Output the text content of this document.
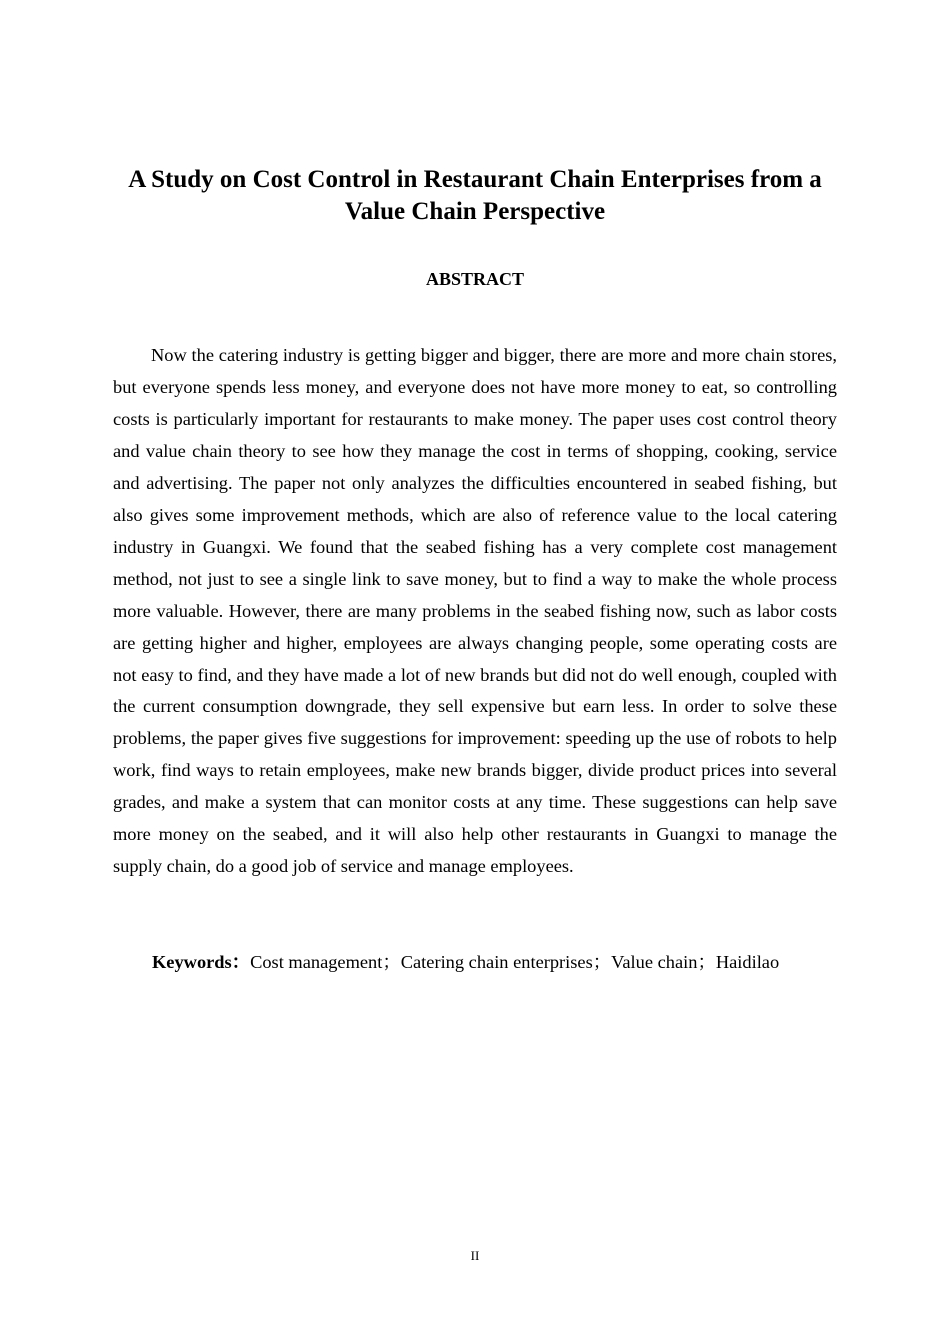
A Study on Cost Control in Restaurant Chain Enterprises from a
Value Chain Perspective
ABSTRACT

Now the catering industry is getting bigger and bigger, there are more and more chain stores, but everyone spends less money, and everyone does not have more money to eat, so controlling costs is particularly important for restaurants to make money. The paper uses cost control theory and value chain theory to see how they manage the cost in terms of shopping, cooking, service and advertising. The paper not only analyzes the difficulties encountered in seabed fishing, but also gives some improvement methods, which are also of reference value to the local catering industry in Guangxi. We found that the seabed fishing has a very complete cost management method, not just to see a single link to save money, but to find a way to make the whole process more valuable. However, there are many problems in the seabed fishing now, such as labor costs are getting higher and higher, employees are always changing people, some operating costs are not easy to find, and they have made a lot of new brands but did not do well enough, coupled with the current consumption downgrade, they sell expensive but earn less. In order to solve these problems, the paper gives five suggestions for improvement: speeding up the use of robots to help work, find ways to retain employees, make new brands bigger, divide product prices into several grades, and make a system that can monitor costs at any time. These suggestions can help save more money on the seabed, and it will also help other restaurants in Guangxi to manage the supply chain, do a good job of service and manage employees.

Keywords：Cost management；Catering chain enterprises；Value chain；Haidilao

II
